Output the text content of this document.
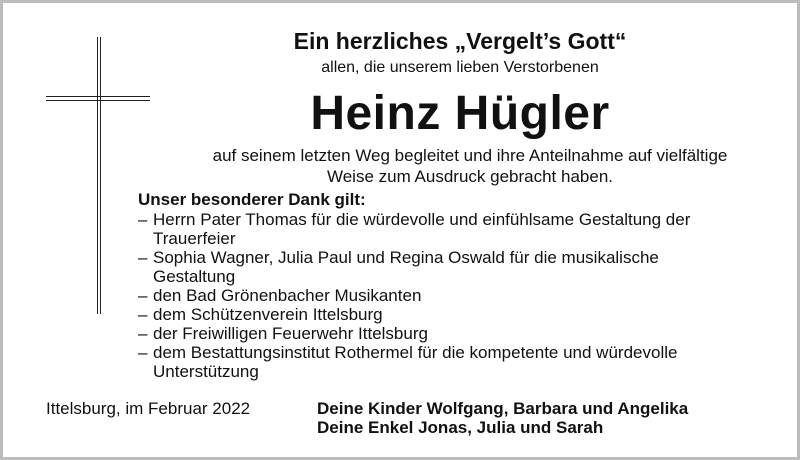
Ein herzliches „Vergelt’s Gott“
allen, die unserem lieben Verstorbenen
Heinz Hügler
auf seinem letzten Weg begleitet und ihre Anteilnahme auf vielfältige
Weise zum Ausdruck gebracht haben.
Unser besonderer Dank gilt:
– Herrn Pater Thomas für die würdevolle und einfühlsame Gestaltung der
Trauerfeier
– Sophia Wagner, Julia Paul und Regina Oswald für die musikalische
Gestaltung
– den Bad Grönenbacher Musikanten
– dem Schützenverein Ittelsburg
– der Freiwilligen Feuerwehr Ittelsburg
– dem Bestattungsinstitut Rothermel für die kompetente und würdevolle
Unterstützung
Ittelsburg, im Februar 2022	Deine Kinder Wolfgang, Barbara und Angelika
Deine Enkel Jonas, Julia und Sarah
